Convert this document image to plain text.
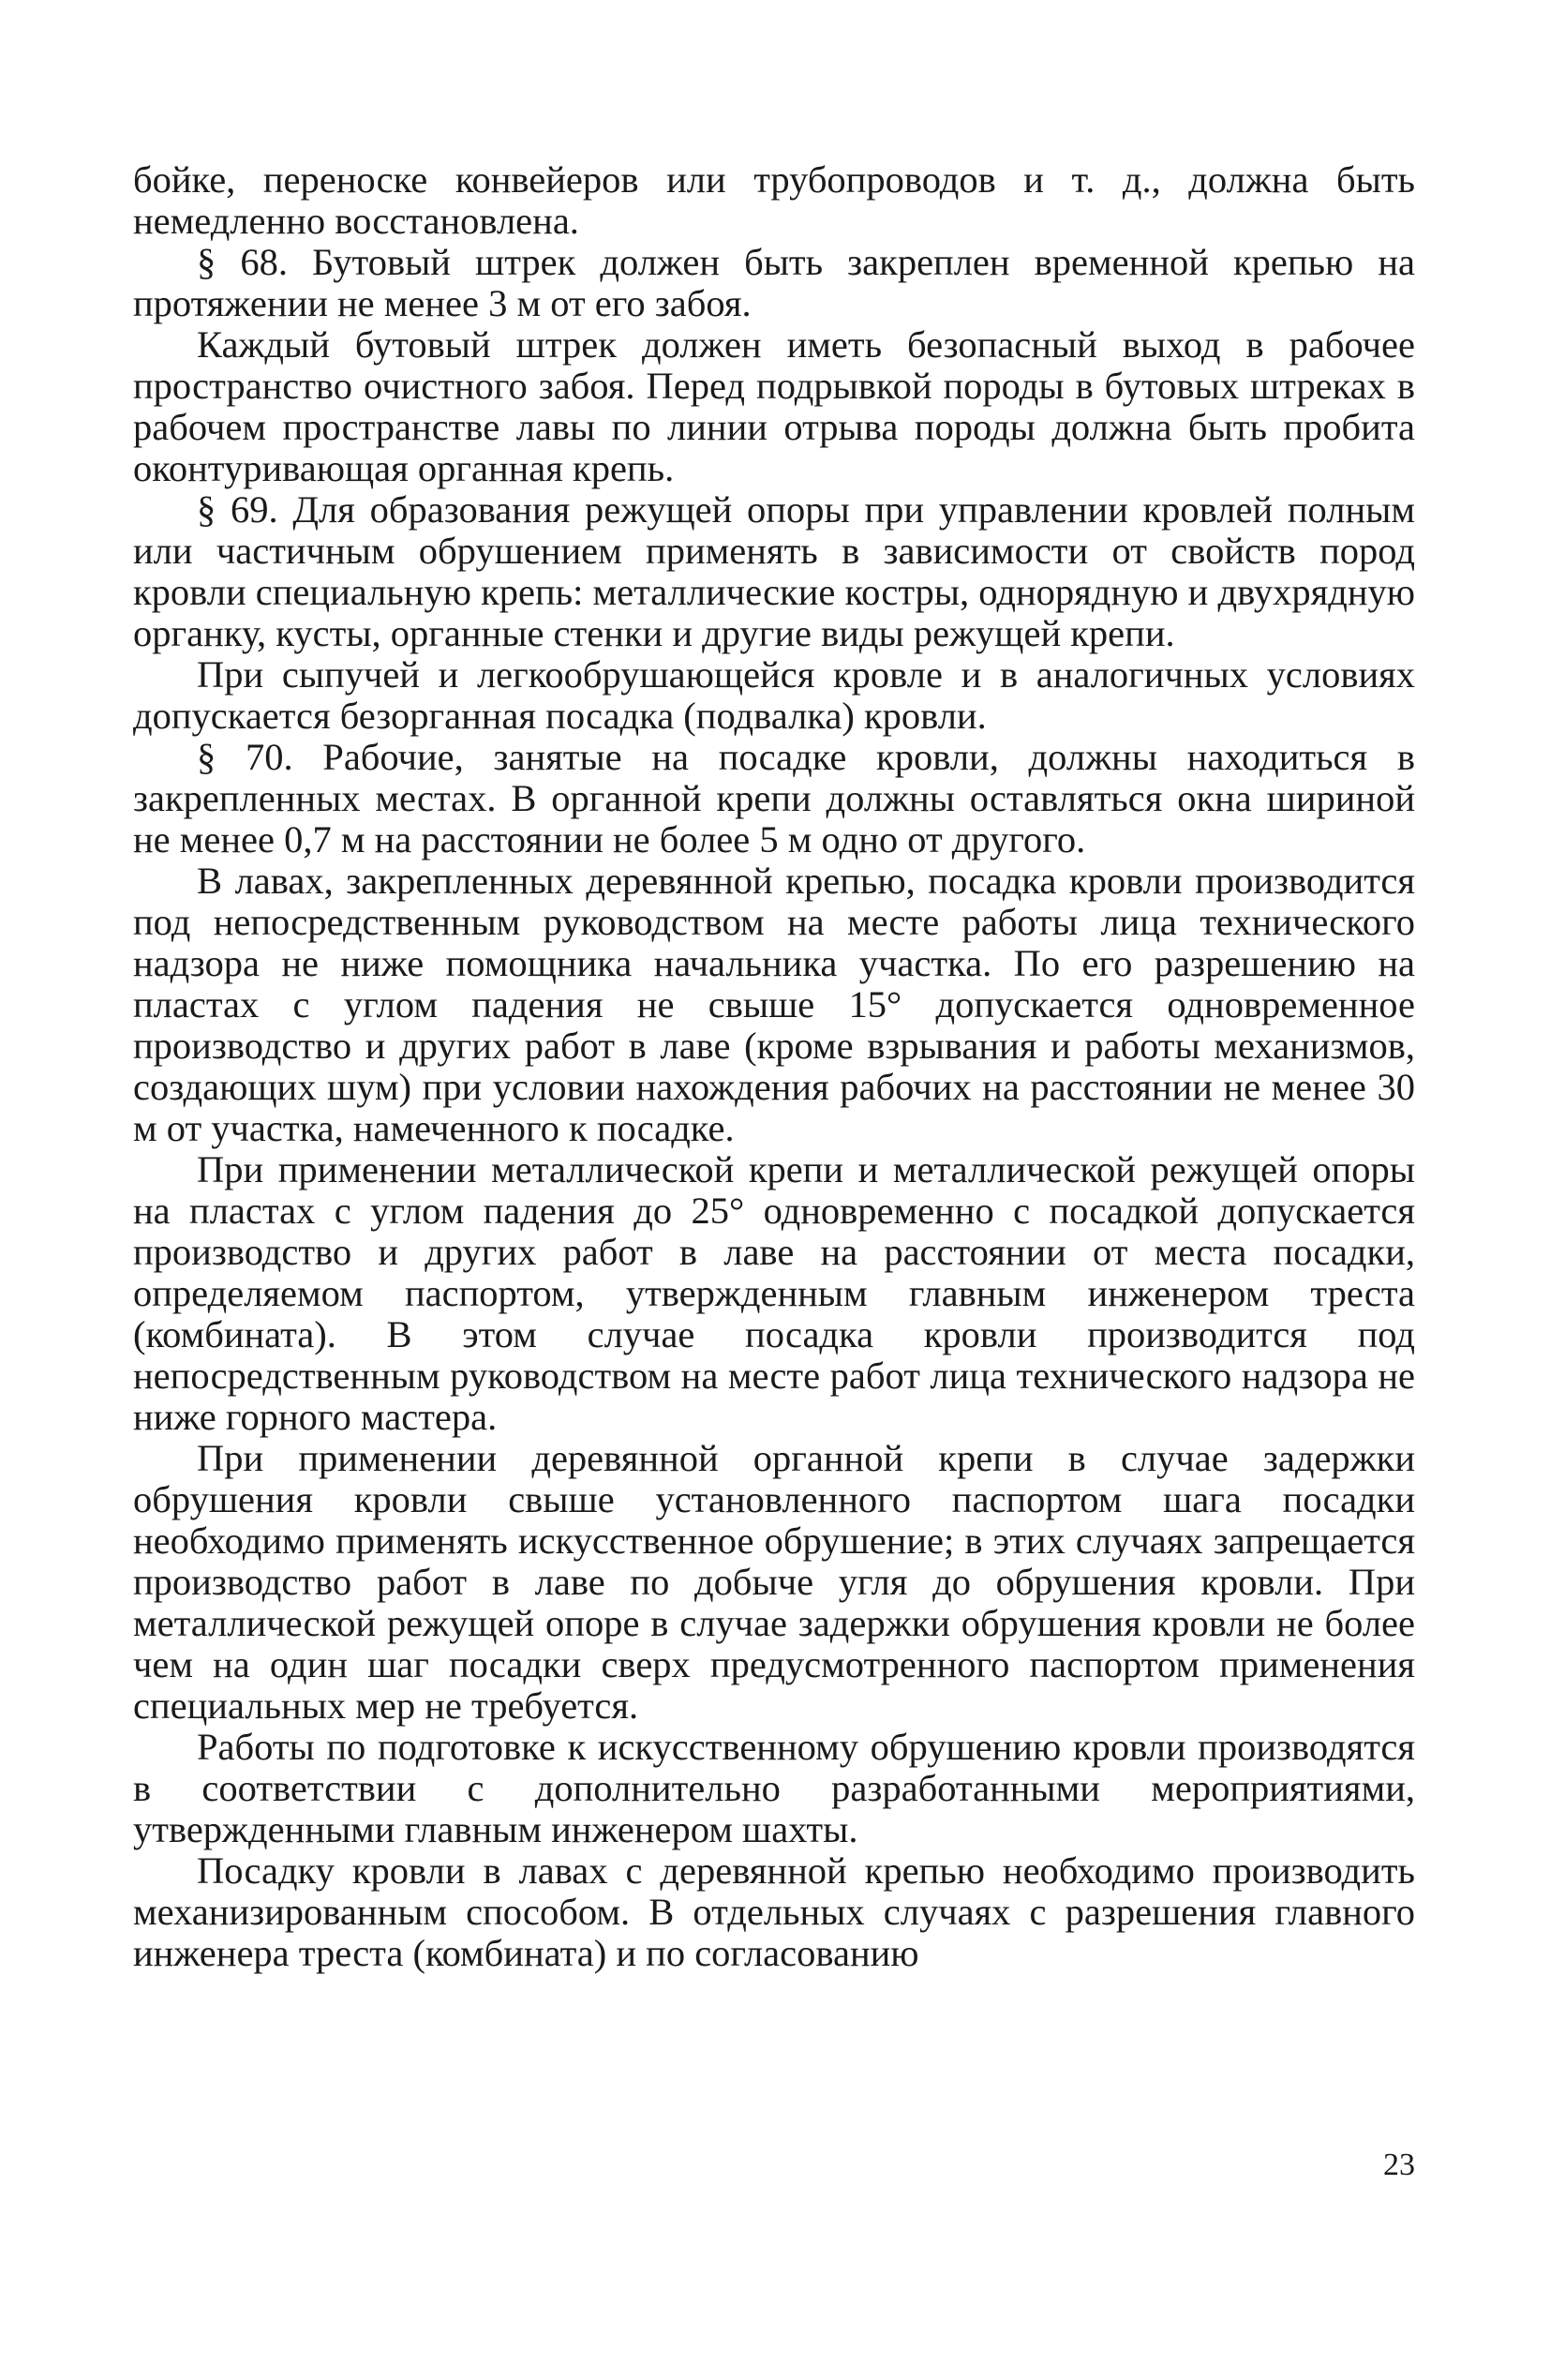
бойке, переноске конвейеров или трубопроводов и т. д., должна быть немедленно восстановлена.

§ 68. Бутовый штрек должен быть закреплен временной крепью на протяжении не менее 3 м от его забоя.

Каждый бутовый штрек должен иметь безопасный выход в рабочее пространство очистного забоя. Перед подрывкой породы в бутовых штреках в рабочем пространстве лавы по линии отрыва породы должна быть пробита оконтуривающая органная крепь.

§ 69. Для образования режущей опоры при управлении кровлей полным или частичным обрушением применять в зависимости от свойств пород кровли специальную крепь: металлические костры, однорядную и двухрядную органку, кусты, органные стенки и другие виды режущей крепи.

При сыпучей и легкообрушающейся кровле и в аналогичных условиях допускается безорганная посадка (подвалка) кровли.

§ 70. Рабочие, занятые на посадке кровли, должны находиться в закрепленных местах. В органной крепи должны оставляться окна шириной не менее 0,7 м на расстоянии не более 5 м одно от другого.

В лавах, закрепленных деревянной крепью, посадка кровли производится под непосредственным руководством на месте работы лица технического надзора не ниже помощника начальника участка. По его разрешению на пластах с углом падения не свыше 15° допускается одновременное производство и других работ в лаве (кроме взрывания и работы механизмов, создающих шум) при условии нахождения рабочих на расстоянии не менее 30 м от участка, намеченного к посадке.

При применении металлической крепи и металлической режущей опоры на пластах с углом падения до 25° одновременно с посадкой допускается производство и других работ в лаве на расстоянии от места посадки, определяемом паспортом, утвержденным главным инженером треста (комбината). В этом случае посадка кровли производится под непосредственным руководством на месте работ лица технического надзора не ниже горного мастера.

При применении деревянной органной крепи в случае задержки обрушения кровли свыше установленного паспортом шага посадки необходимо применять искусственное обрушение; в этих случаях запрещается производство работ в лаве по добыче угля до обрушения кровли. При металлической режущей опоре в случае задержки обрушения кровли не более чем на один шаг посадки сверх предусмотренного паспортом применения специальных мер не требуется.

Работы по подготовке к искусственному обрушению кровли производятся в соответствии с дополнительно разработанными мероприятиями, утвержденными главным инженером шахты.

Посадку кровли в лавах с деревянной крепью необходимо производить механизированным способом. В отдельных случаях с разрешения главного инженера треста (комбината) и по согласованию

23
